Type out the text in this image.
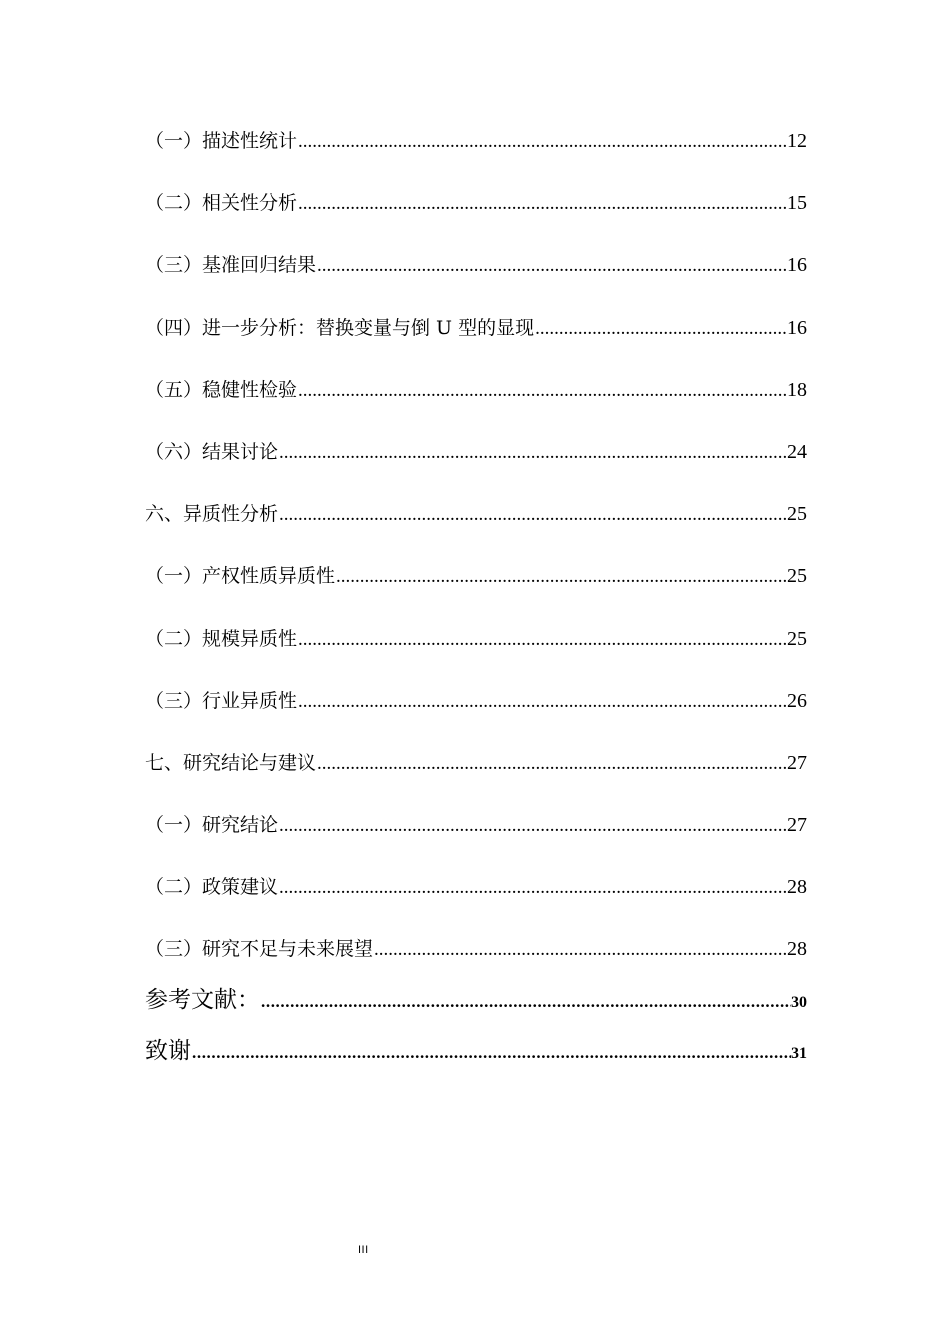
（一）描述性统计 .....	12
（二）相关性分析 .....	15
（三）基准回归结果 .....	16
（四）进一步分析：替换变量与倒 U 型的显现 .....	16
（五）稳健性检验 .....	18
（六）结果讨论 .....	24
六、异质性分析 .....	25
（一）产权性质异质性 .....	25
（二）规模异质性 .....	25
（三）行业异质性 .....	26
七、研究结论与建议 .....	27
（一）研究结论 .....	27
（二）政策建议 .....	28
（三）研究不足与未来展望 .....	28
参考文献： .....	30
致谢 .....	31
III
